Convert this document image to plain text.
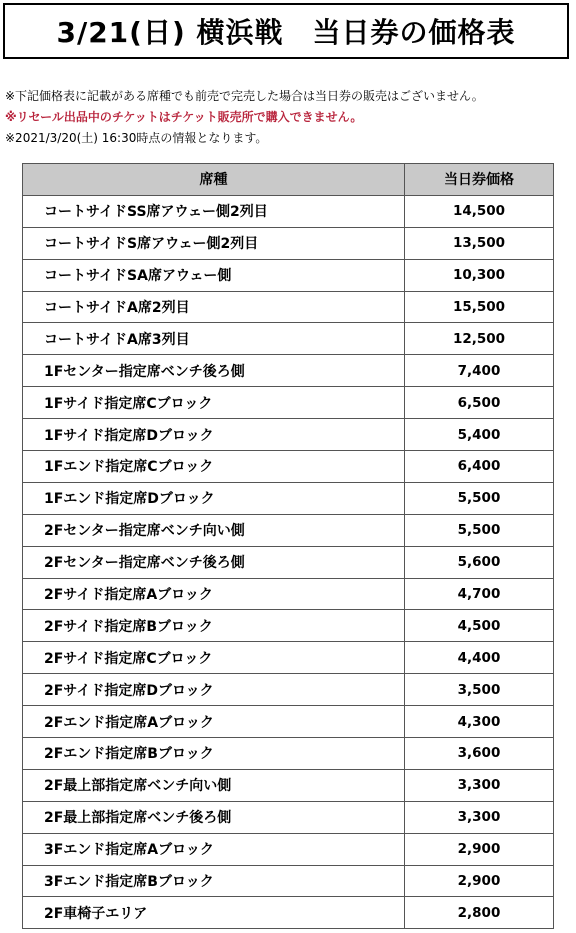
3/21(日) 横浜戦　当日券の価格表
※下記価格表に記載がある席種でも前売で完売した場合は当日券の販売はございません。
※リセール出品中のチケットはチケット販売所で購入できません。
※2021/3/20(土) 16:30時点の情報となります。
席種	当日券価格
コートサイドSS席アウェー側2列目	14,500
コートサイドS席アウェー側2列目	13,500
コートサイドSA席アウェー側	10,300
コートサイドA席2列目	15,500
コートサイドA席3列目	12,500
1Fセンター指定席ベンチ後ろ側	7,400
1Fサイド指定席Cブロック	6,500
1Fサイド指定席Dブロック	5,400
1Fエンド指定席Cブロック	6,400
1Fエンド指定席Dブロック	5,500
2Fセンター指定席ベンチ向い側	5,500
2Fセンター指定席ベンチ後ろ側	5,600
2Fサイド指定席Aブロック	4,700
2Fサイド指定席Bブロック	4,500
2Fサイド指定席Cブロック	4,400
2Fサイド指定席Dブロック	3,500
2Fエンド指定席Aブロック	4,300
2Fエンド指定席Bブロック	3,600
2F最上部指定席ベンチ向い側	3,300
2F最上部指定席ベンチ後ろ側	3,300
3Fエンド指定席Aブロック	2,900
3Fエンド指定席Bブロック	2,900
2F車椅子エリア	2,800
